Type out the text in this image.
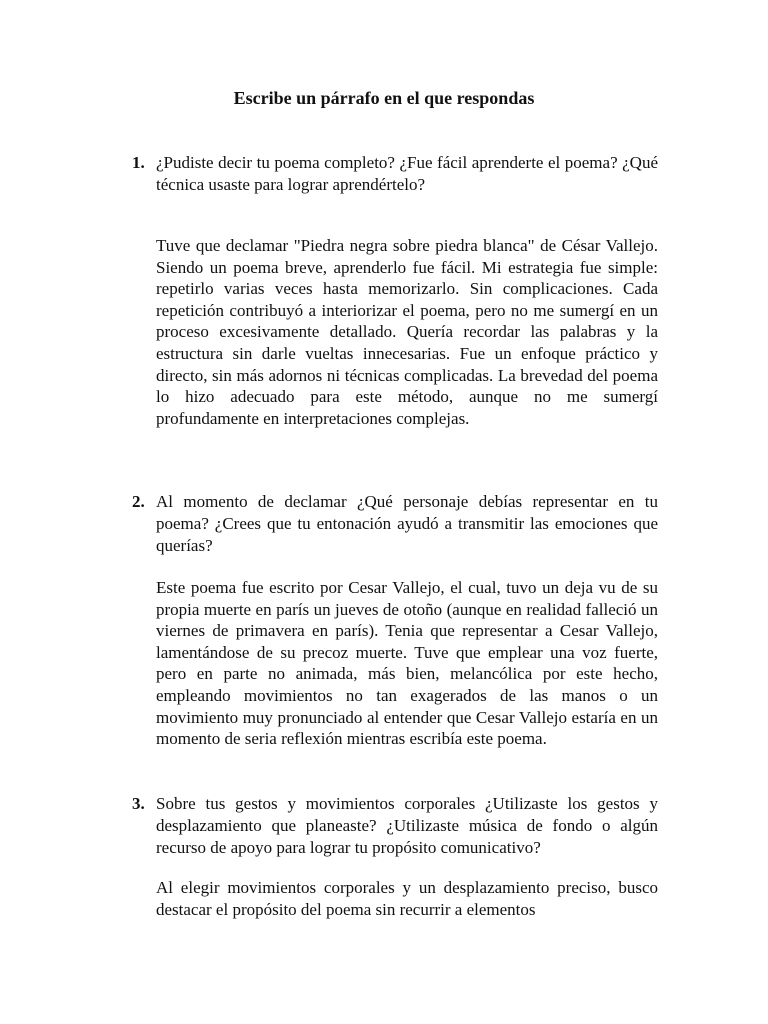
Escribe un párrafo en el que respondas
1. ¿Pudiste decir tu poema completo? ¿Fue fácil aprenderte el poema? ¿Qué técnica usaste para lograr aprendértelo?

Tuve que declamar "Piedra negra sobre piedra blanca" de César Vallejo. Siendo un poema breve, aprenderlo fue fácil. Mi estrategia fue simple: repetirlo varias veces hasta memorizarlo. Sin complicaciones. Cada repetición contribuyó a interiorizar el poema, pero no me sumergí en un proceso excesivamente detallado. Quería recordar las palabras y la estructura sin darle vueltas innecesarias. Fue un enfoque práctico y directo, sin más adornos ni técnicas complicadas. La brevedad del poema lo hizo adecuado para este método, aunque no me sumergí profundamente en interpretaciones complejas.

2. Al momento de declamar ¿Qué personaje debías representar en tu poema? ¿Crees que tu entonación ayudó a transmitir las emociones que querías?

Este poema fue escrito por Cesar Vallejo, el cual, tuvo un deja vu de su propia muerte en parís un jueves de otoño (aunque en realidad falleció un viernes de primavera en parís). Tenia que representar a Cesar Vallejo, lamentándose de su precoz muerte. Tuve que emplear una voz fuerte, pero en parte no animada, más bien, melancólica por este hecho, empleando movimientos no tan exagerados de las manos o un movimiento muy pronunciado al entender que Cesar Vallejo estaría en un momento de seria reflexión mientras escribía este poema.

3. Sobre tus gestos y movimientos corporales ¿Utilizaste los gestos y desplazamiento que planeaste? ¿Utilizaste música de fondo o algún recurso de apoyo para lograr tu propósito comunicativo?

Al elegir movimientos corporales y un desplazamiento preciso, busco destacar el propósito del poema sin recurrir a elementos
